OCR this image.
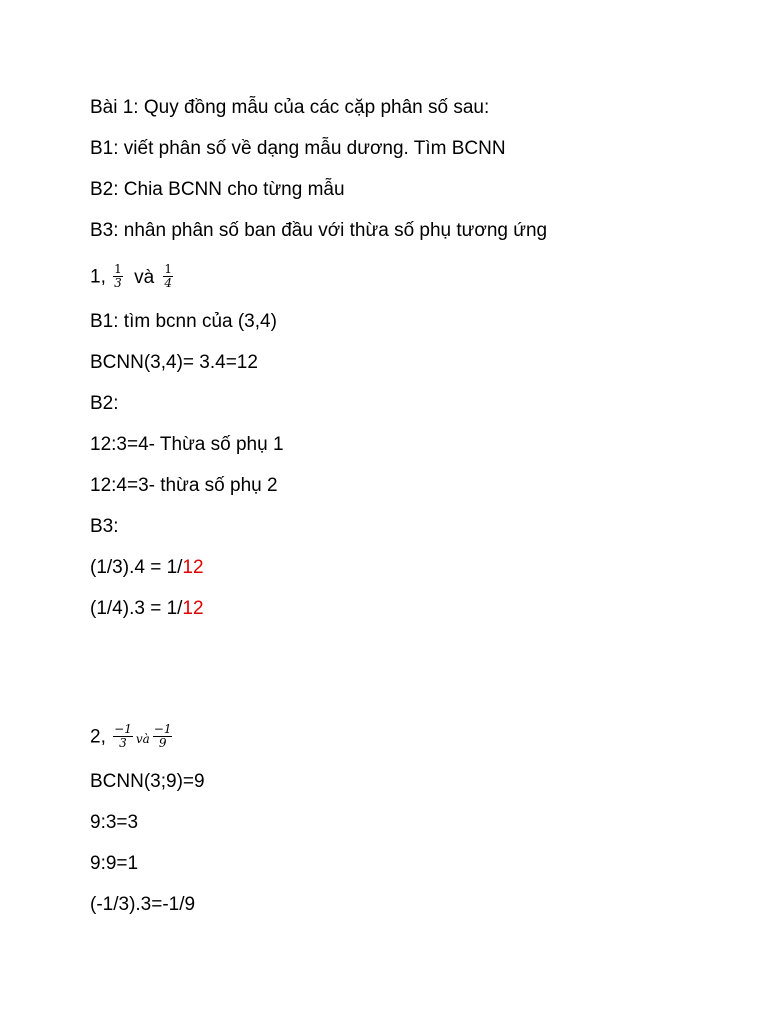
Bài 1: Quy đồng mẫu của các cặp phân số sau:
B1: viết phân số về dạng mẫu dương. Tìm BCNN
B2: Chia BCNN cho từng mẫu
B3: nhân phân số ban đầu với thừa số phụ tương ứng
1, $\frac{1}{3}$ và $\frac{1}{4}$
B1: tìm bcnn của (3,4)
BCNN(3,4)= 3.4=12
B2:
12:3=4- Thừa số phụ 1
12:4=3- thừa số phụ 2
B3:
(1/3).4 = 1/12
(1/4).3 = 1/12
2, $\frac{-1}{3}$ và $\frac{-1}{9}$
BCNN(3;9)=9
9:3=3
9:9=1
(-1/3).3=-1/9
